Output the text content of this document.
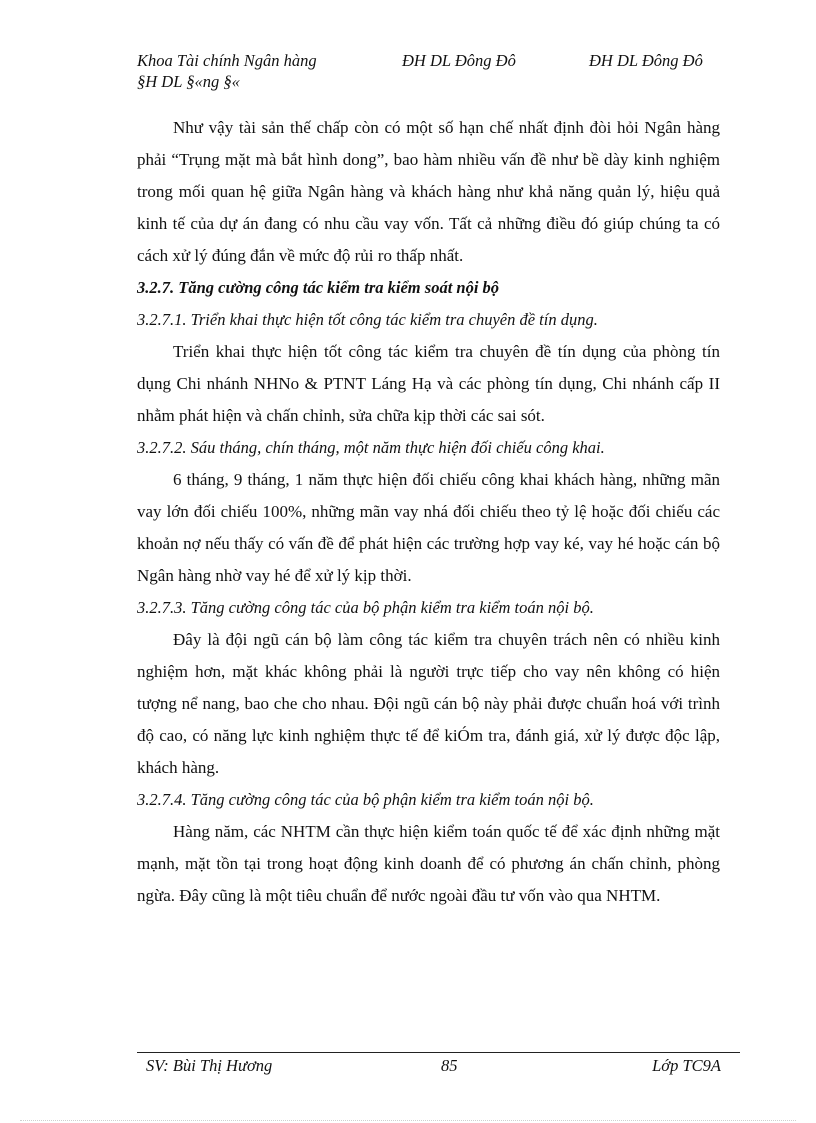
Khoa Tài chính Ngân hàng	ĐH DL Đông Đô	ĐH DL Đông Đô
§H DL §«ng §«

Như vậy tài sản thế chấp còn có một số hạn chế nhất định đòi hỏi Ngân hàng phải “Trụng mặt mà bắt hình dong”, bao hàm nhiều vấn đề như bề dày kinh nghiệm trong mối quan hệ giữa Ngân hàng và khách hàng như khả năng quản lý, hiệu quả kinh tế của dự án đang có nhu cầu vay vốn. Tất cả những điều đó giúp chúng ta có cách xử lý đúng đắn về mức độ rủi ro thấp nhất.

3.2.7. Tăng cường công tác kiểm tra kiểm soát nội bộ

3.2.7.1. Triển khai thực hiện tốt công tác kiểm tra chuyên đề tín dụng.

Triển khai thực hiện tốt công tác kiểm tra chuyên đề tín dụng của phòng tín dụng Chi nhánh NHNo & PTNT Láng Hạ và các phòng tín dụng, Chi nhánh cấp II nhằm phát hiện và chấn chỉnh, sửa chữa kịp thời các sai sót.

3.2.7.2. Sáu tháng, chín tháng, một năm thực hiện đối chiếu công khai.

6 tháng, 9 tháng, 1 năm thực hiện đối chiếu công khai khách hàng, những mãn vay lớn đối chiếu 100%, những mãn vay nhá đối chiếu theo tỷ lệ hoặc đối chiếu các khoản nợ nếu thấy có vấn đề để phát hiện các trường hợp vay ké, vay hé hoặc cán bộ Ngân hàng nhờ vay hé để xử lý kịp thời.

3.2.7.3. Tăng cường công tác của bộ phận kiểm tra kiểm toán nội bộ.

Đây là đội ngũ cán bộ làm công tác kiểm tra chuyên trách nên có nhiều kinh nghiệm hơn, mặt khác không phải là người trực tiếp cho vay nên không có hiện tượng nể nang, bao che cho nhau. Đội ngũ cán bộ này phải được chuẩn hoá với trình độ cao, có năng lực kinh nghiệm thực tế để kiÓm tra, đánh giá, xử lý được độc lập, khách hàng.

3.2.7.4. Tăng cường công tác của bộ phận kiểm tra kiểm toán nội bộ.

Hàng năm, các NHTM cần thực hiện kiểm toán quốc tế để xác định những mặt mạnh, mặt tồn tại trong hoạt động kinh doanh để có phương án chấn chỉnh, phòng ngừa. Đây cũng là một tiêu chuẩn để nước ngoài đầu tư vốn vào qua NHTM.

SV: Bùi Thị Hương	85	Lớp TC9A
